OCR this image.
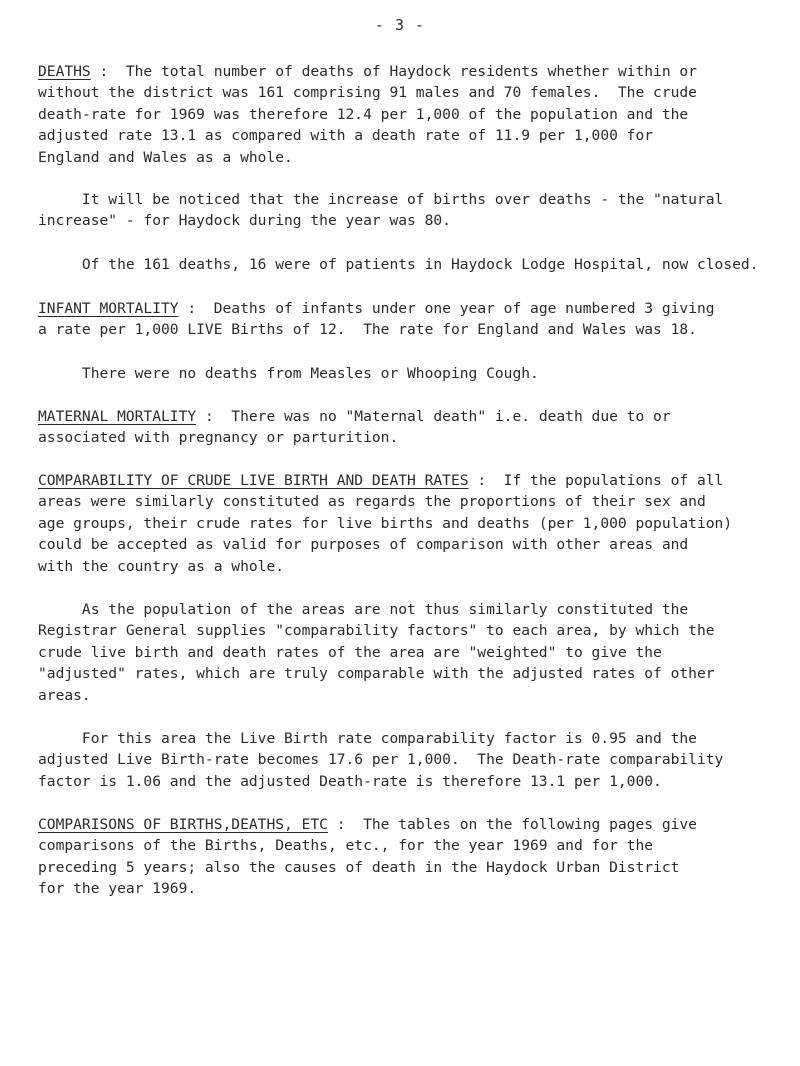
- 3 -
DEATHS :  The total number of deaths of Haydock residents whether within or
without the district was 161 comprising 91 males and 70 females.  The crude
death-rate for 1969 was therefore 12.4 per 1,000 of the population and the
adjusted rate 13.1 as compared with a death rate of 11.9 per 1,000 for
England and Wales as a whole.
It will be noticed that the increase of births over deaths - the "natural
increase" - for Haydock during the year was 80.
Of the 161 deaths, 16 were of patients in Haydock Lodge Hospital, now closed.
INFANT MORTALITY :  Deaths of infants under one year of age numbered 3 giving
a rate per 1,000 LIVE Births of 12.  The rate for England and Wales was 18.
There were no deaths from Measles or Whooping Cough.
MATERNAL MORTALITY :  There was no "Maternal death" i.e. death due to or
associated with pregnancy or parturition.
COMPARABILITY OF CRUDE LIVE BIRTH AND DEATH RATES :  If the populations of all
areas were similarly constituted as regards the proportions of their sex and
age groups, their crude rates for live births and deaths (per 1,000 population)
could be accepted as valid for purposes of comparison with other areas and
with the country as a whole.
As the population of the areas are not thus similarly constituted the
Registrar General supplies "comparability factors" to each area, by which the
crude live birth and death rates of the area are "weighted" to give the
"adjusted" rates, which are truly comparable with the adjusted rates of other
areas.
For this area the Live Birth rate comparability factor is 0.95 and the
adjusted Live Birth-rate becomes 17.6 per 1,000.  The Death-rate comparability
factor is 1.06 and the adjusted Death-rate is therefore 13.1 per 1,000.
COMPARISONS OF BIRTHS,DEATHS, ETC :  The tables on the following pages give
comparisons of the Births, Deaths, etc., for the year 1969 and for the
preceding 5 years; also the causes of death in the Haydock Urban District
for the year 1969.
